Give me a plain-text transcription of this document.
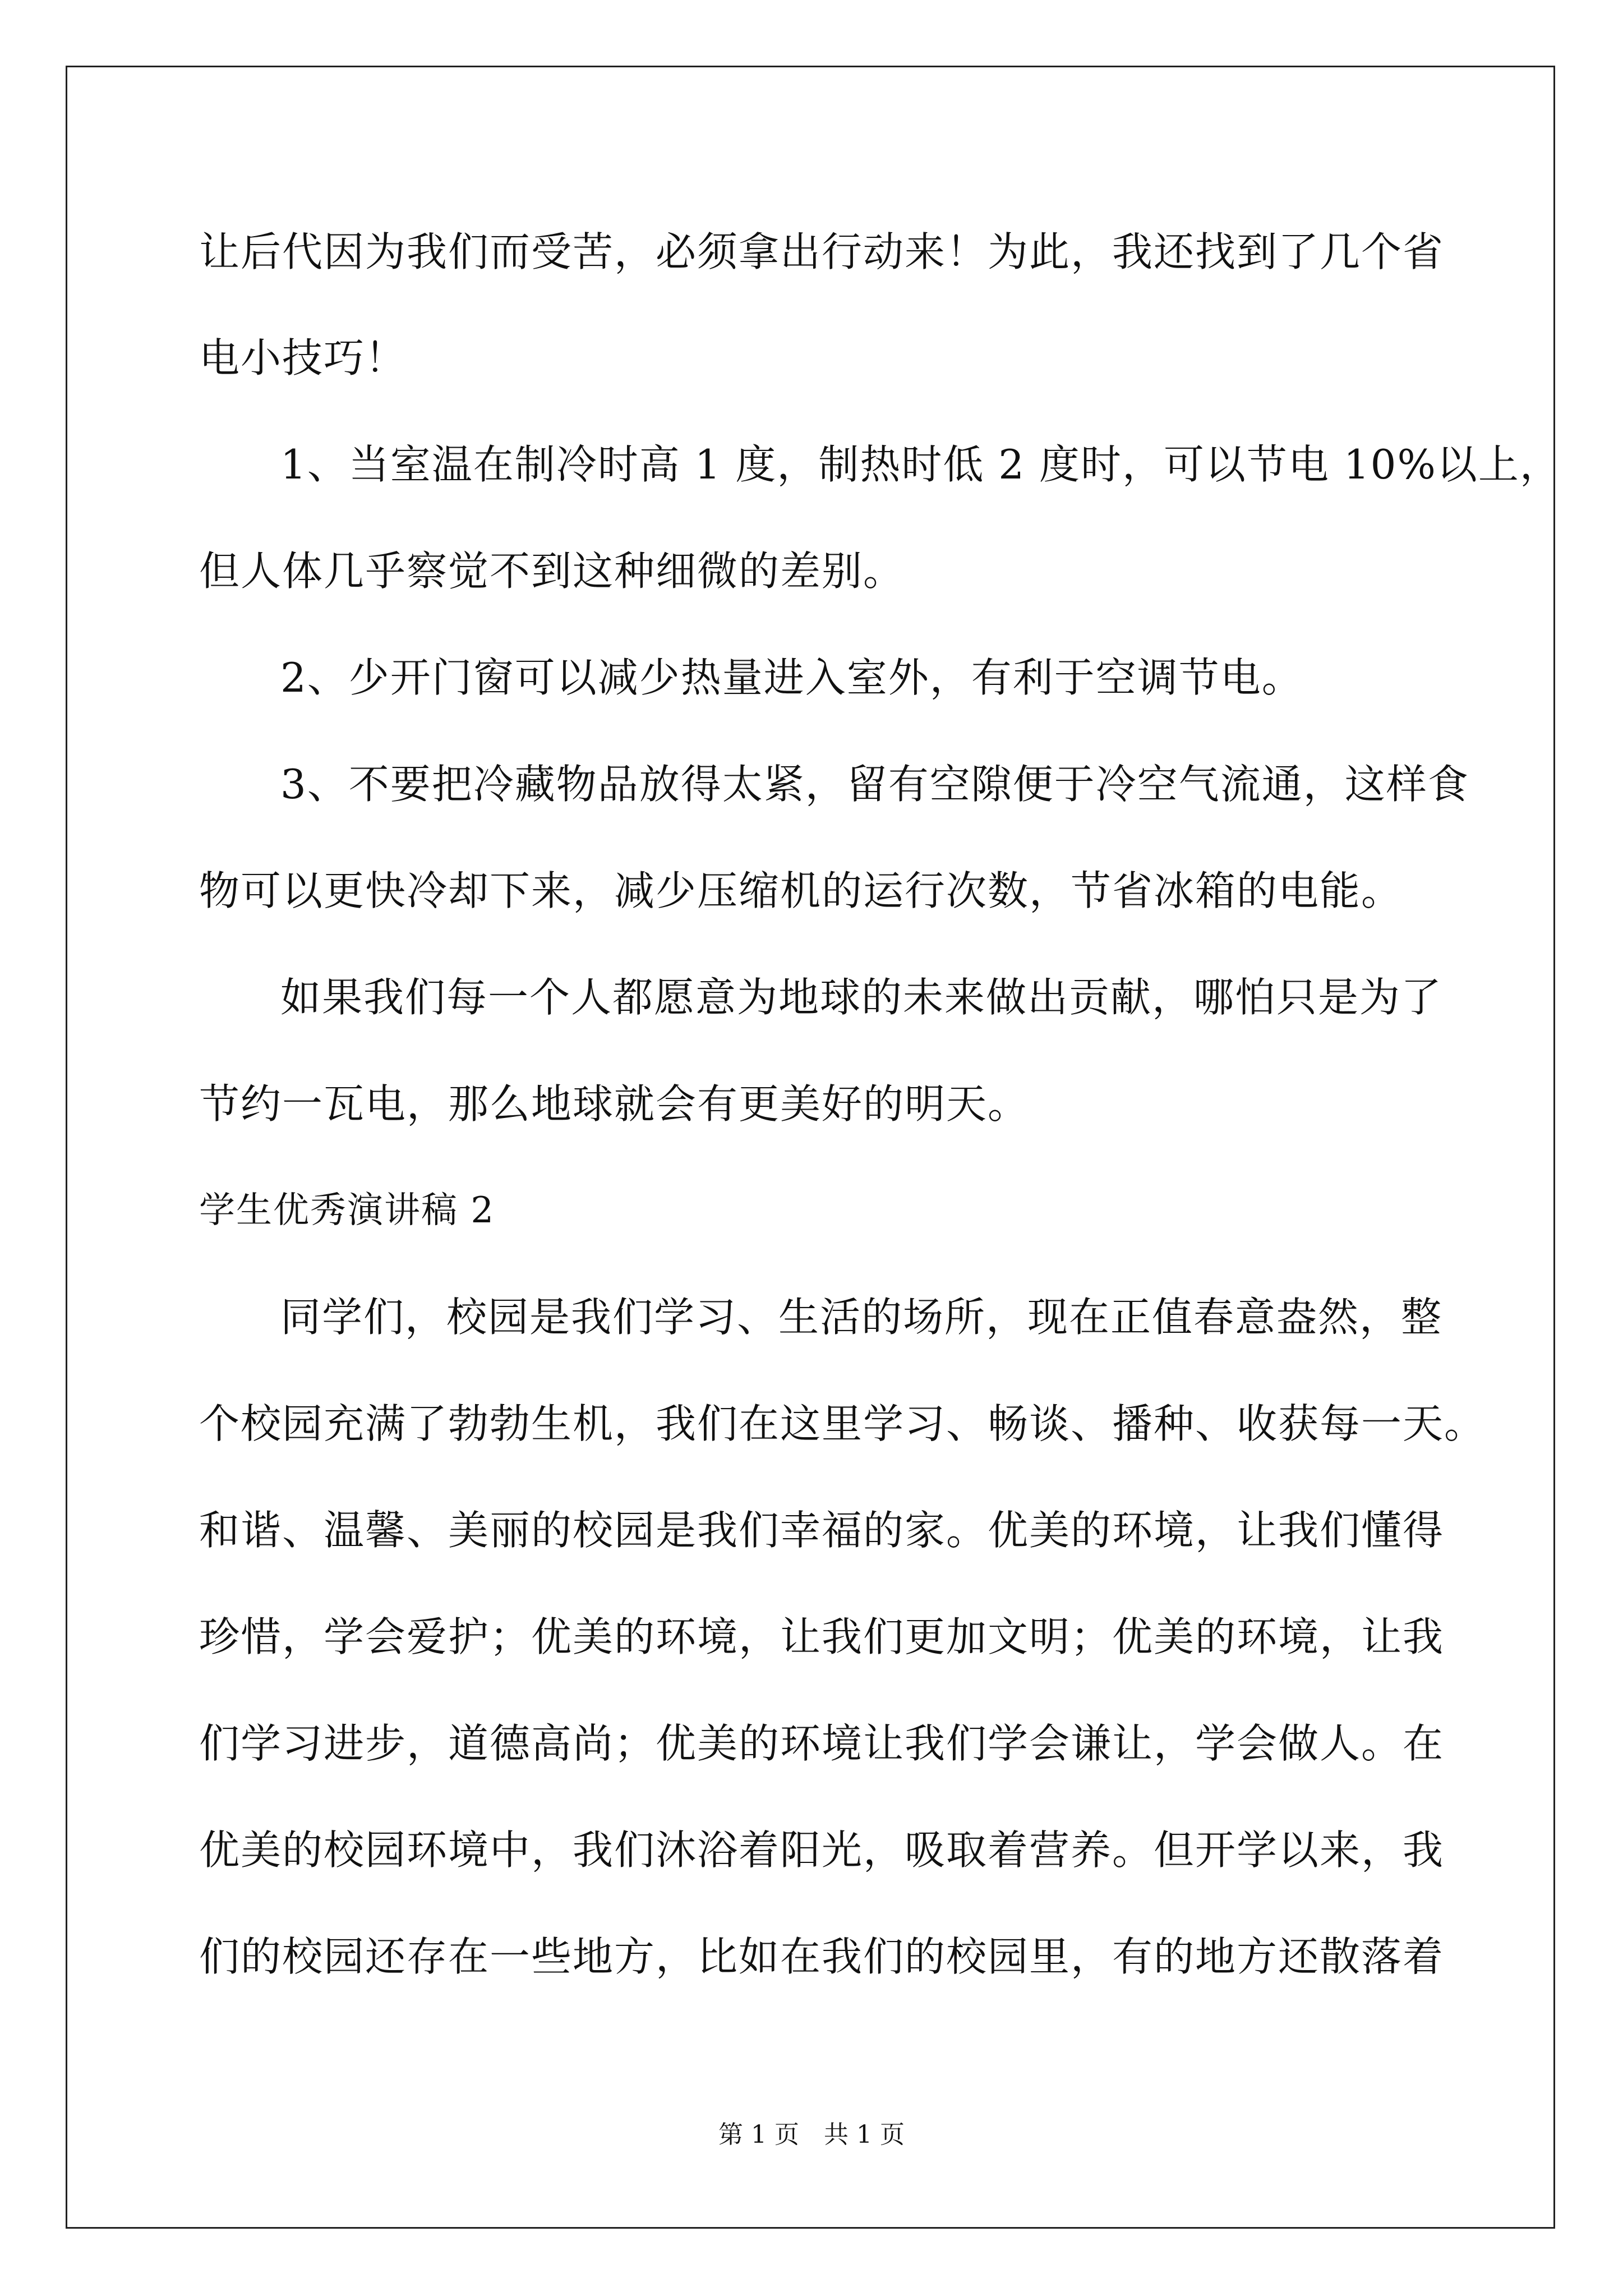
让后代因为我们而受苦，必须拿出行动来！为此，我还找到了几个省
电小技巧！
1、当室温在制冷时高 1 度，制热时低 2 度时，可以节电 10%以上，
但人体几乎察觉不到这种细微的差别。
2、少开门窗可以减少热量进入室外，有利于空调节电。
3、不要把冷藏物品放得太紧，留有空隙便于冷空气流通，这样食
物可以更快冷却下来，减少压缩机的运行次数，节省冰箱的电能。
如果我们每一个人都愿意为地球的未来做出贡献，哪怕只是为了
节约一瓦电，那么地球就会有更美好的明天。
学生优秀演讲稿 2
同学们，校园是我们学习、生活的场所，现在正值春意盎然，整
个校园充满了勃勃生机，我们在这里学习、畅谈、播种、收获每一天。
和谐、温馨、美丽的校园是我们幸福的家。优美的环境，让我们懂得
珍惜，学会爱护；优美的环境，让我们更加文明；优美的环境，让我
们学习进步，道德高尚；优美的环境让我们学会谦让，学会做人。在
优美的校园环境中，我们沐浴着阳光，吸取着营养。但开学以来，我
们的校园还存在一些地方，比如在我们的校园里，有的地方还散落着
第 1 页　共 1 页
